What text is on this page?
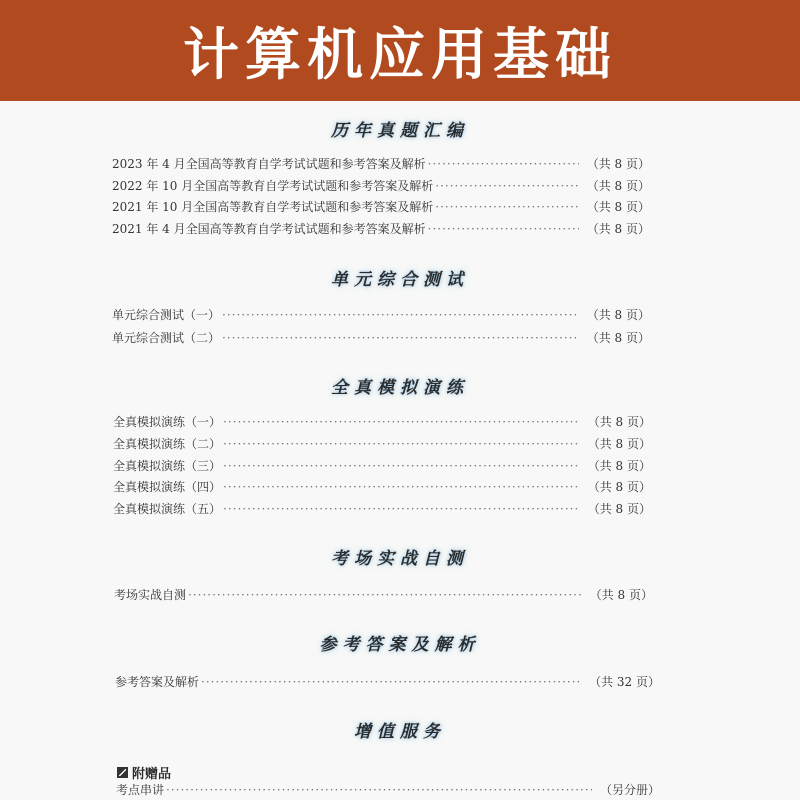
计算机应用基础
历年真题汇编
2023 年 4 月全国高等教育自学考试试题和参考答案及解析 ·····	（共 8 页）
2022 年 10 月全国高等教育自学考试试题和参考答案及解析 ·····	（共 8 页）
2021 年 10 月全国高等教育自学考试试题和参考答案及解析 ·····	（共 8 页）
2021 年 4 月全国高等教育自学考试试题和参考答案及解析 ·····	（共 8 页）
单元综合测试
单元综合测试（一） ·····	（共 8 页）
单元综合测试（二） ·····	（共 8 页）
全真模拟演练
全真模拟演练（一） ·····	（共 8 页）
全真模拟演练（二） ·····	（共 8 页）
全真模拟演练（三） ·····	（共 8 页）
全真模拟演练（四） ·····	（共 8 页）
全真模拟演练（五） ·····	（共 8 页）
考场实战自测
考场实战自测 ·····	（共 8 页）
参考答案及解析
参考答案及解析 ·····	（共 32 页）
增值服务
附赠品
考点串讲 ·····	（另分册）
